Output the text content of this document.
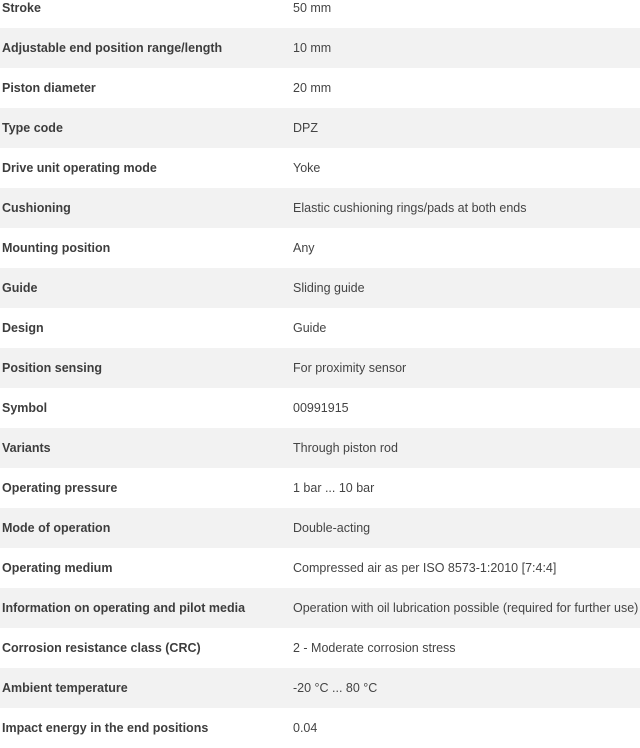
Stroke	50 mm
Adjustable end position range/length	10 mm
Piston diameter	20 mm
Type code	DPZ
Drive unit operating mode	Yoke
Cushioning	Elastic cushioning rings/pads at both ends
Mounting position	Any
Guide	Sliding guide
Design	Guide
Position sensing	For proximity sensor
Symbol	00991915
Variants	Through piston rod
Operating pressure	1 bar ... 10 bar
Mode of operation	Double-acting
Operating medium	Compressed air as per ISO 8573-1:2010 [7:4:4]
Information on operating and pilot media	Operation with oil lubrication possible (required for further use)
Corrosion resistance class (CRC)	2 - Moderate corrosion stress
Ambient temperature	-20 °C ... 80 °C
Impact energy in the end positions	0.04
